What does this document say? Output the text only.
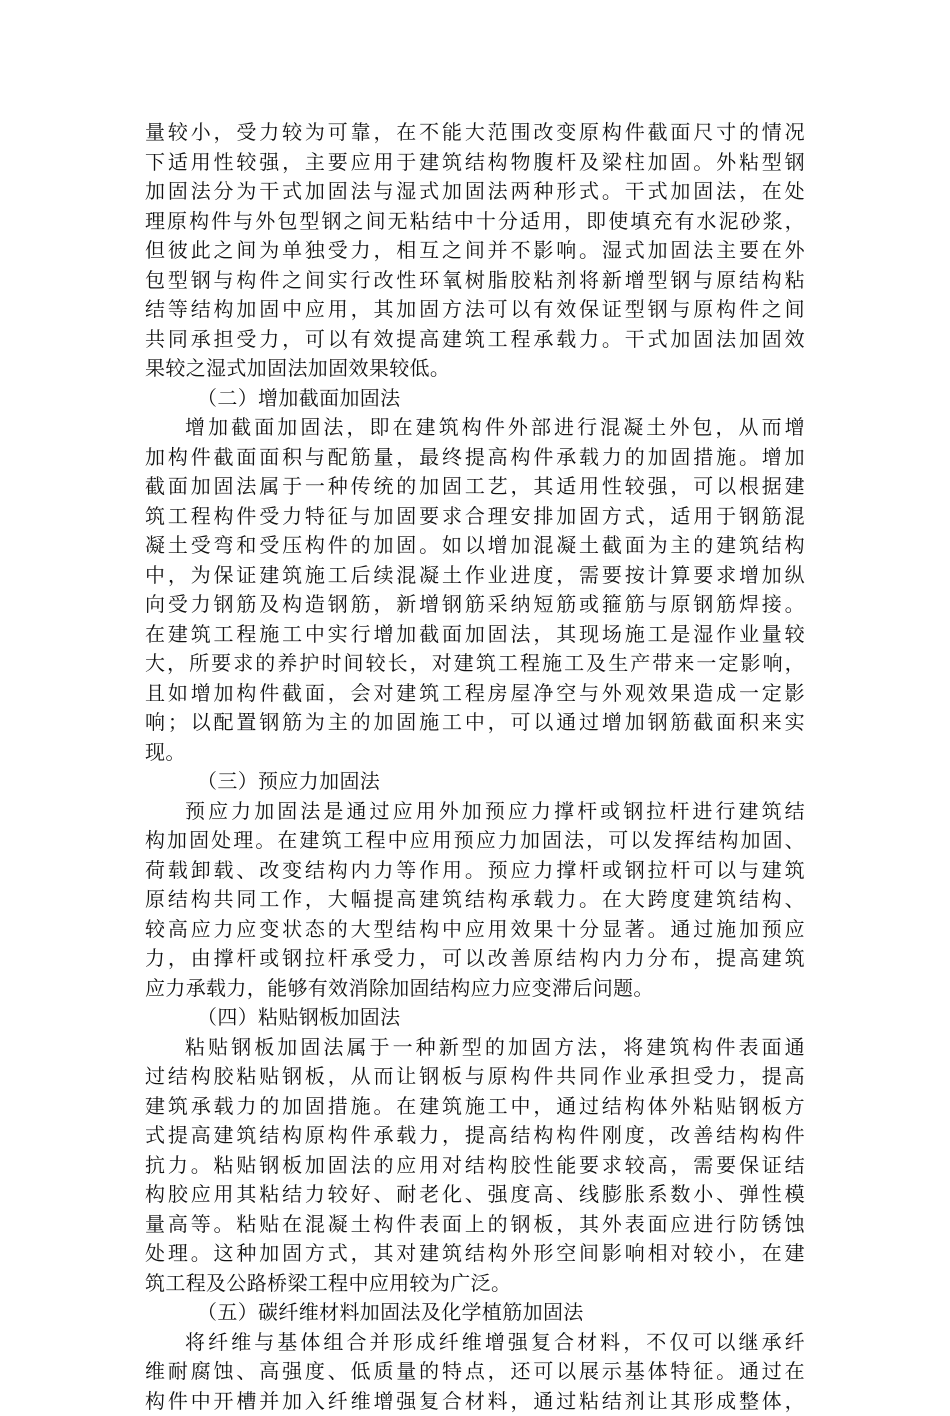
量较小，受力较为可靠，在不能大范围改变原构件截面尺寸的情况
下适用性较强，主要应用于建筑结构物腹杆及梁柱加固。外粘型钢
加固法分为干式加固法与湿式加固法两种形式。干式加固法，在处
理原构件与外包型钢之间无粘结中十分适用，即使填充有水泥砂浆，
但彼此之间为单独受力，相互之间并不影响。湿式加固法主要在外
包型钢与构件之间实行改性环氧树脂胶粘剂将新增型钢与原结构粘
结等结构加固中应用，其加固方法可以有效保证型钢与原构件之间
共同承担受力，可以有效提高建筑工程承载力。干式加固法加固效
果较之湿式加固法加固效果较低。
（二）增加截面加固法
增加截面加固法，即在建筑构件外部进行混凝土外包，从而增
加构件截面面积与配筋量，最终提高构件承载力的加固措施。增加
截面加固法属于一种传统的加固工艺，其适用性较强，可以根据建
筑工程构件受力特征与加固要求合理安排加固方式，适用于钢筋混
凝土受弯和受压构件的加固。如以增加混凝土截面为主的建筑结构
中，为保证建筑施工后续混凝土作业进度，需要按计算要求增加纵
向受力钢筋及构造钢筋，新增钢筋采纳短筋或箍筋与原钢筋焊接。
在建筑工程施工中实行增加截面加固法，其现场施工是湿作业量较
大，所要求的养护时间较长，对建筑工程施工及生产带来一定影响，
且如增加构件截面，会对建筑工程房屋净空与外观效果造成一定影
响；以配置钢筋为主的加固施工中，可以通过增加钢筋截面积来实
现。
（三）预应力加固法
预应力加固法是通过应用外加预应力撑杆或钢拉杆进行建筑结
构加固处理。在建筑工程中应用预应力加固法，可以发挥结构加固、
荷载卸载、改变结构内力等作用。预应力撑杆或钢拉杆可以与建筑
原结构共同工作，大幅提高建筑结构承载力。在大跨度建筑结构、
较高应力应变状态的大型结构中应用效果十分显著。通过施加预应
力，由撑杆或钢拉杆承受力，可以改善原结构内力分布，提高建筑
应力承载力，能够有效消除加固结构应力应变滞后问题。
（四）粘贴钢板加固法
粘贴钢板加固法属于一种新型的加固方法，将建筑构件表面通
过结构胶粘贴钢板，从而让钢板与原构件共同作业承担受力，提高
建筑承载力的加固措施。在建筑施工中，通过结构体外粘贴钢板方
式提高建筑结构原构件承载力，提高结构构件刚度，改善结构构件
抗力。粘贴钢板加固法的应用对结构胶性能要求较高，需要保证结
构胶应用其粘结力较好、耐老化、强度高、线膨胀系数小、弹性模
量高等。粘贴在混凝土构件表面上的钢板，其外表面应进行防锈蚀
处理。这种加固方式，其对建筑结构外形空间影响相对较小，在建
筑工程及公路桥梁工程中应用较为广泛。
（五）碳纤维材料加固法及化学植筋加固法
将纤维与基体组合并形成纤维增强复合材料，不仅可以继承纤
维耐腐蚀、高强度、低质量的特点，还可以展示基体特征。通过在
构件中开槽并加入纤维增强复合材料，通过粘结剂让其形成整体，
